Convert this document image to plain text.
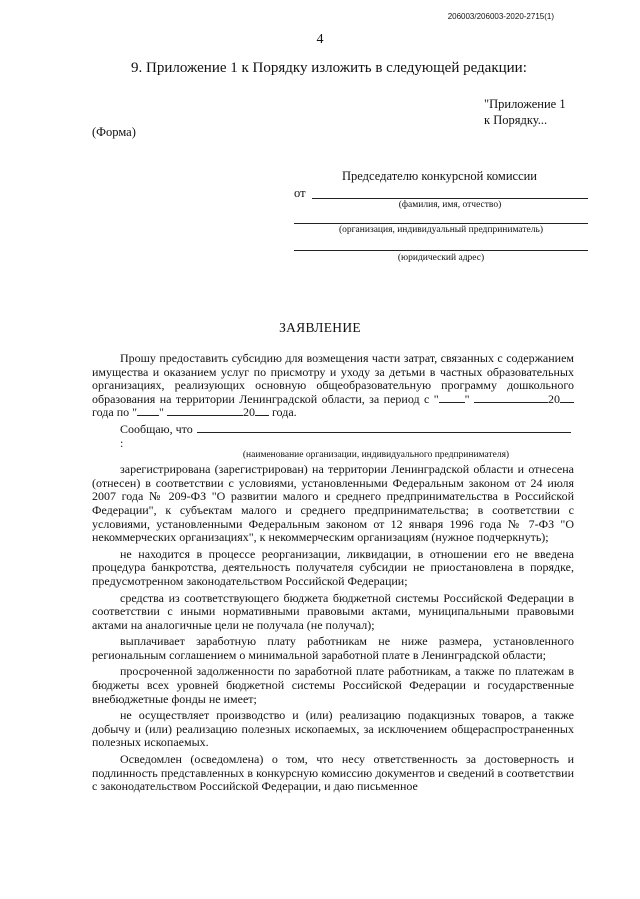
206003/206003-2020-2715(1)
4
9. Приложение 1 к Порядку изложить в следующей редакции:
"Приложение 1
к Порядку...
(Форма)
Председателю конкурсной комиссии
от
(фамилия, имя, отчество)
(организация, индивидуальный предприниматель)
(юридический адрес)
ЗАЯВЛЕНИЕ

Прошу предоставить субсидию для возмещения части затрат, связанных с содержанием имущества и оказанием услуг по присмотру и уходу за детьми в частных образовательных организациях, реализующих основную общеобразовательную программу дошкольного образования на территории Ленинградской области, за период с " "	20 года по " "	20 года.

Сообщаю, что:
(наименование организации, индивидуального предпринимателя)

зарегистрирована (зарегистрирован) на территории Ленинградской области и отнесена (отнесен) в соответствии с условиями, установленными Федеральным законом от 24 июля 2007 года № 209-ФЗ "О развитии малого и среднего предпринимательства в Российской Федерации", к субъектам малого и среднего предпринимательства; в соответствии с условиями, установленными Федеральным законом от 12 января 1996 года № 7-ФЗ "О некоммерческих организациях", к некоммерческим организациям (нужное подчеркнуть);

не находится в процессе реорганизации, ликвидации, в отношении его не введена процедура банкротства, деятельность получателя субсидии не приостановлена в порядке, предусмотренном законодательством Российской Федерации;

средства из соответствующего бюджета бюджетной системы Российской Федерации в соответствии с иными нормативными правовыми актами, муниципальными правовыми актами на аналогичные цели не получала (не получал);

выплачивает заработную плату работникам не ниже размера, установленного региональным соглашением о минимальной заработной плате в Ленинградской области;

просроченной задолженности по заработной плате работникам, а также по платежам в бюджеты всех уровней бюджетной системы Российской Федерации и государственные внебюджетные фонды не имеет;

не осуществляет производство и (или) реализацию подакцизных товаров, а также добычу и (или) реализацию полезных ископаемых, за исключением общераспространенных полезных ископаемых.

Осведомлен (осведомлена) о том, что несу ответственность за достоверность и подлинность представленных в конкурсную комиссию документов и сведений в соответствии с законодательством Российской Федерации, и даю письменное
